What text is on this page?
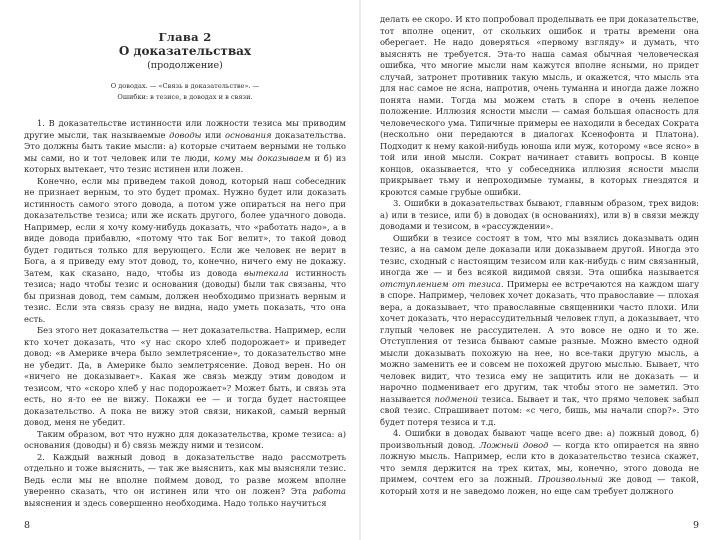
Глава 2
О доказательствах
(продолжение)
О доводах. — «Связь в доказательстве». —
Ошибки: в тезисе, в доводах и в связи.

1. В доказательстве истинности или ложности тезиса мы приводим другие мысли, так называемые доводы или основания доказательства. Это должны быть такие мысли: а) которые считаем верными не только мы сами, но и тот человек или те люди, кому мы доказываем и б) из которых вытекает, что тезис истинен или ложен.

Конечно, если мы приведем такой довод, который наш собеседник не признает верным, то это будет промах. Нужно будет или доказать истинность самого этого довода, а потом уже опираться на него при доказательстве тезиса; или же искать другого, более удачного довода. Например, если я хочу кому-нибудь доказать, что «работать надо», а в виде довода прибавлю, «потому что так Бог велит», то такой довод будет годиться только для верующего. Если же человек не верит в Бога, а я приведу ему этот довод, то, конечно, ничего ему не докажу. Затем, как сказано, надо, чтобы из довода вытекала истинность тезиса; надо чтобы тезис и основания (доводы) были так связаны, что бы признав довод, тем самым, должен необходимо признать верным и тезис. Если эта связь сразу не видна, надо уметь показать, что она есть.

Без этого нет доказательства — нет доказательства. Например, если кто хочет доказать, что «у нас скоро хлеб подорожает» и приведет довод: «в Америке вчера было землетрясение», то доказательство мне не убедит. Да, в Америке было землетрясение. Довод верен. Но он «ничего не доказывает». Какая же связь между этим доводом и тезисом, что «скоро хлеб у нас подорожает»? Может быть, и связь эта есть, но я-то ее не вижу. Покажи ее — и тогда будет настоящее доказательство. А пока не вижу этой связи, никакой, самый верный довод, меня не убедит.

Таким образом, вот что нужно для доказательства, кроме тезиса: а) основания (доводы) и б) связь между ними и тезисом.

2. Каждый важный довод в доказательстве надо рассмотреть отдельно и тоже выяснить, — так же выяснить, как мы выясняли тезис. Ведь если мы не вполне поймем довод, то разве можем вполне уверенно сказать, что он истинен или что он ложен? Эта работа выяснения и здесь совершенно необходима. Надо только научиться

8

делать ее скоро. И кто попробовал проделывать ее при доказательстве, тот вполне оценит, от скольких ошибок и траты времени она оберегает. Не надо доверяться «первому взгляду» и думать, что выяснять не требуется. Эта-то наша самая обычная человеческая ошибка, что многие мысли нам кажутся вполне ясными, но придет случай, затронет противник такую мысль, и окажется, что мысль эта для нас самое не ясна, напротив, очень туманна и иногда даже ложно понята нами. Тогда мы можем стать в споре в очень нелепое положение. Иллюзия ясности мысли — самая большая опасность для человеческого ума. Типичные примеры ее находили в беседах Сократа (нескольно они передаются в диалогах Ксенофонта и Платона). Подходит к нему какой-нибудь юноша или муж, которому «все ясно» в той или иной мысли. Сократ начинает ставить вопросы. В конце концов, оказывается, что у собеседника иллюзия ясности мысли прикрывает тьму и непроходимые туманы, в которых гнездятся и кроются самые грубые ошибки.

3. Ошибки в доказательствах бывают, главным образом, трех видов: а) или в тезисе, или б) в доводах (в основаниях), или в) в связи между доводами и тезисом, в «рассуждении».

Ошибки в тезисе состоят в том, что мы взялись доказывать один тезис, а на самом деле доказали или доказываем другой. Иногда это тезис, сходный с настоящим тезисом или как-нибудь с ним связанный, иногда же — и без всякой видимой связи. Эта ошибка называется отступлением от тезиса. Примеры ее встречаются на каждом шагу в споре. Например, человек хочет доказать, что православие — плохая вера, а доказывает, что православные священники часто плохи. Или хочет доказать, что нерассудительный человек глуп, а доказывает, что глупый человек не рассудителен. А это вовсе не одно и то же. Отступления от тезиса бывают самые разные. Можно вместо одной мысли доказывать похожую на нее, но все-таки другую мысль, а можно заменить ее и совсем не похожей другою мыслью. Бывает, что человек видит, что тезиса ему не защитить или не доказать — и нарочно подменивает его другим, так чтобы этого не заметил. Это называется подменой тезиса. Бывает и так, что прямо человек забыл свой тезис. Спрашивает потом: «с чего, бишь, мы начали спор?». Это будет потеря тезиса и т.д.

4. Ошибки в доводах бывают чаще всего две: а) ложный довод, б) произвольный довод. Ложный довод — когда кто опирается на явно ложную мысль. Например, если кто в доказательство тезиса скажет, что земля держится на трех китах, мы, конечно, этого довода не примем, сочтем его за ложный. Произвольный же довод — такой, который хотя и не заведомо ложен, но еще сам требует должного

9
